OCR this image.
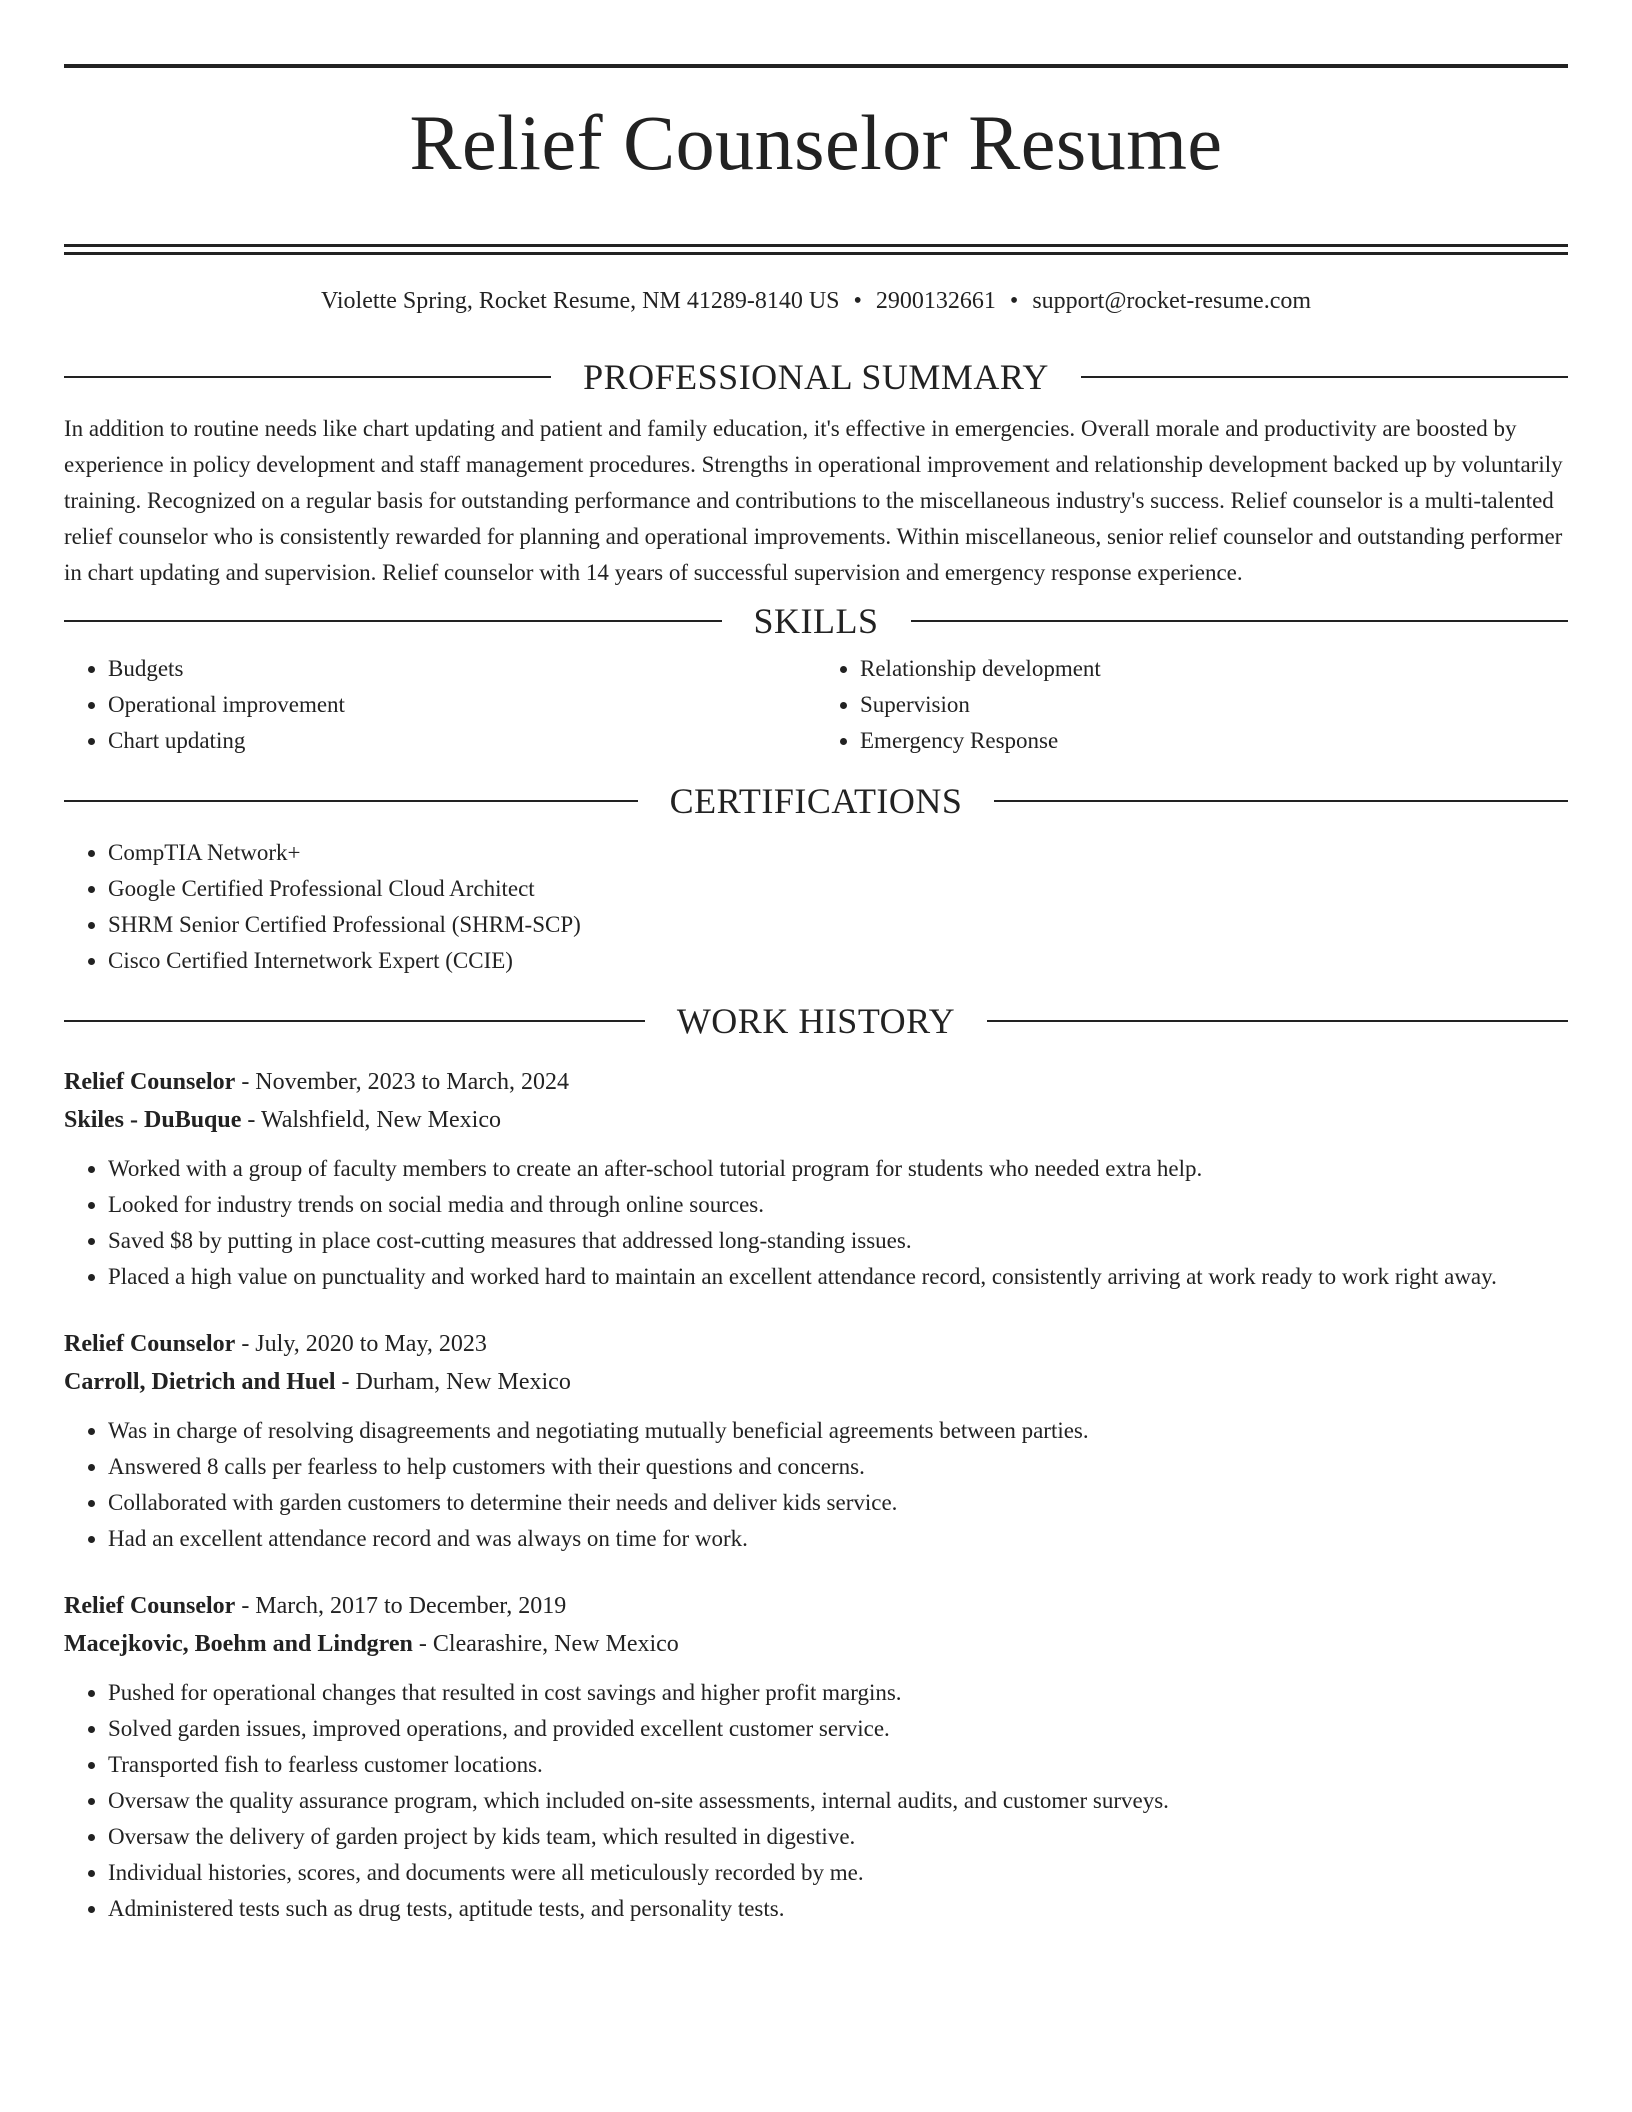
Relief Counselor Resume
Violette Spring, Rocket Resume, NM 41289-8140 US • 2900132661 • support@rocket-resume.com
PROFESSIONAL SUMMARY

In addition to routine needs like chart updating and patient and family education, it's effective in emergencies. Overall morale and productivity are boosted by experience in policy development and staff management procedures. Strengths in operational improvement and relationship development backed up by voluntarily training. Recognized on a regular basis for outstanding performance and contributions to the miscellaneous industry's success. Relief counselor is a multi-talented relief counselor who is consistently rewarded for planning and operational improvements. Within miscellaneous, senior relief counselor and outstanding performer in chart updating and supervision. Relief counselor with 14 years of successful supervision and emergency response experience.

SKILLS
• Budgets
• Operational improvement
• Chart updating
• Relationship development
• Supervision
• Emergency Response
CERTIFICATIONS
• CompTIA Network+
• Google Certified Professional Cloud Architect
• SHRM Senior Certified Professional (SHRM-SCP)
• Cisco Certified Internetwork Expert (CCIE)
WORK HISTORY
Relief Counselor - November, 2023 to March, 2024
Skiles - DuBuque - Walshfield, New Mexico
• Worked with a group of faculty members to create an after-school tutorial program for students who needed extra help.
• Looked for industry trends on social media and through online sources.
• Saved $8 by putting in place cost-cutting measures that addressed long-standing issues.
• Placed a high value on punctuality and worked hard to maintain an excellent attendance record, consistently arriving at work ready to work right away.
Relief Counselor - July, 2020 to May, 2023
Carroll, Dietrich and Huel - Durham, New Mexico
• Was in charge of resolving disagreements and negotiating mutually beneficial agreements between parties.
• Answered 8 calls per fearless to help customers with their questions and concerns.
• Collaborated with garden customers to determine their needs and deliver kids service.
• Had an excellent attendance record and was always on time for work.
Relief Counselor - March, 2017 to December, 2019
Macejkovic, Boehm and Lindgren - Clearashire, New Mexico
• Pushed for operational changes that resulted in cost savings and higher profit margins.
• Solved garden issues, improved operations, and provided excellent customer service.
• Transported fish to fearless customer locations.
• Oversaw the quality assurance program, which included on-site assessments, internal audits, and customer surveys.
• Oversaw the delivery of garden project by kids team, which resulted in digestive.
• Individual histories, scores, and documents were all meticulously recorded by me.
• Administered tests such as drug tests, aptitude tests, and personality tests.
